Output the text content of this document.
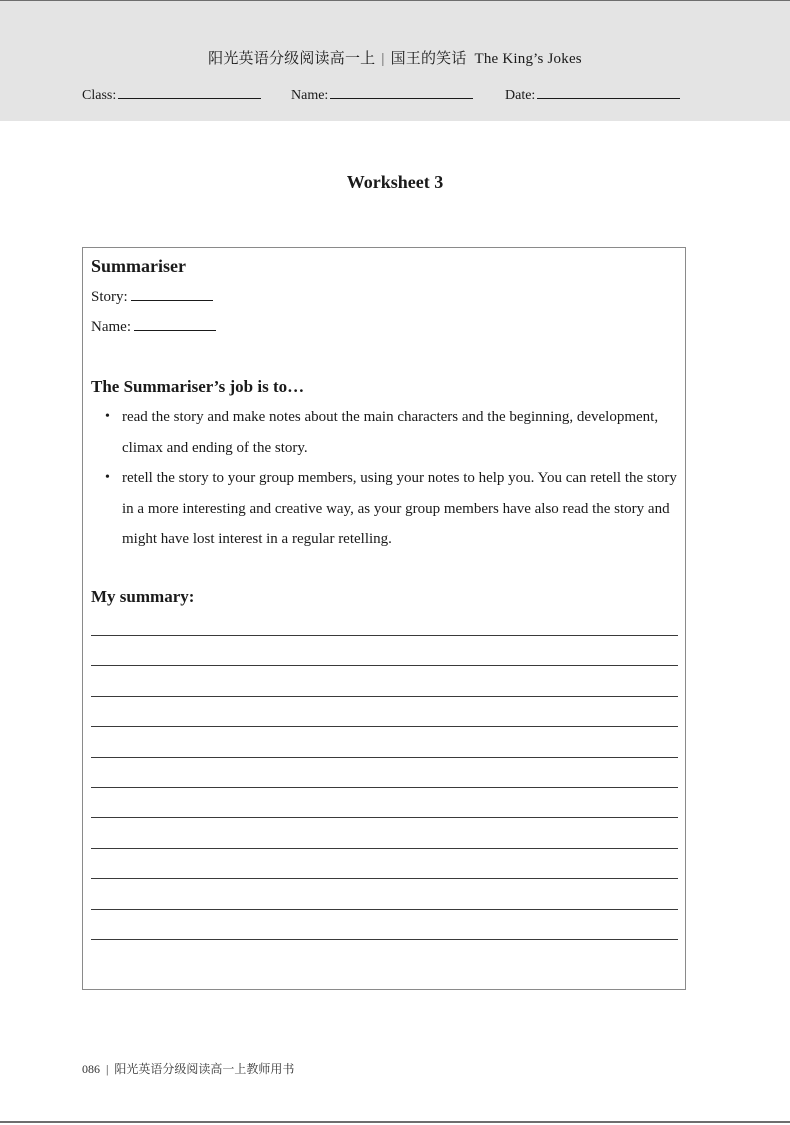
阳光英语分级阅读高一上 | 国王的笑话 The King’s Jokes
Class:	Name:	Date:
Worksheet 3
Summariser
Story:
Name:
The Summariser’s job is to…
• read the story and make notes about the main characters and the beginning, development, climax and ending of the story.
• retell the story to your group members, using your notes to help you. You can retell the story in a more interesting and creative way, as your group members have also read the story and might have lost interest in a regular retelling.
My summary:
086 | 阳光英语分级阅读高一上教师用书
